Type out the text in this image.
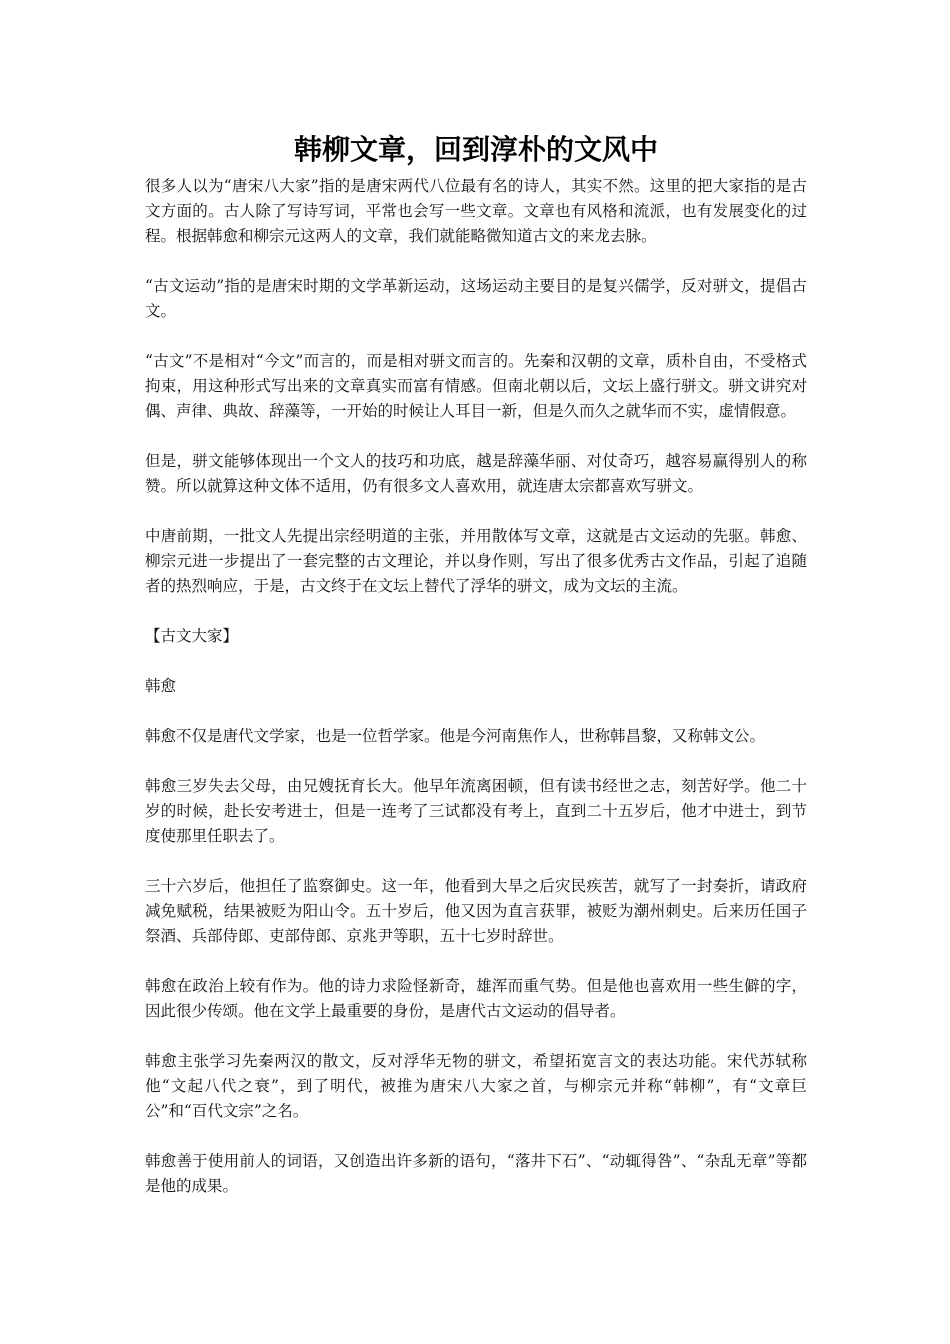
韩柳文章，回到淳朴的文风中

很多人以为“唐宋八大家”指的是唐宋两代八位最有名的诗人，其实不然。这里的把大家指的是古文方面的。古人除了写诗写词，平常也会写一些文章。文章也有风格和流派，也有发展变化的过程。根据韩愈和柳宗元这两人的文章，我们就能略微知道古文的来龙去脉。

“古文运动”指的是唐宋时期的文学革新运动，这场运动主要目的是复兴儒学，反对骈文，提倡古文。

“古文”不是相对“今文”而言的，而是相对骈文而言的。先秦和汉朝的文章，质朴自由，不受格式拘束，用这种形式写出来的文章真实而富有情感。但南北朝以后，文坛上盛行骈文。骈文讲究对偶、声律、典故、辞藻等，一开始的时候让人耳目一新，但是久而久之就华而不实，虚情假意。

但是，骈文能够体现出一个文人的技巧和功底，越是辞藻华丽、对仗奇巧，越容易赢得别人的称赞。所以就算这种文体不适用，仍有很多文人喜欢用，就连唐太宗都喜欢写骈文。

中唐前期，一批文人先提出宗经明道的主张，并用散体写文章，这就是古文运动的先驱。韩愈、柳宗元进一步提出了一套完整的古文理论，并以身作则，写出了很多优秀古文作品，引起了追随者的热烈响应，于是，古文终于在文坛上替代了浮华的骈文，成为文坛的主流。

【古文大家】

韩愈

韩愈不仅是唐代文学家，也是一位哲学家。他是今河南焦作人，世称韩昌黎，又称韩文公。

韩愈三岁失去父母，由兄嫂抚育长大。他早年流离困顿，但有读书经世之志，刻苦好学。他二十岁的时候，赴长安考进士，但是一连考了三试都没有考上，直到二十五岁后，他才中进士，到节度使那里任职去了。

三十六岁后，他担任了监察御史。这一年，他看到大旱之后灾民疾苦，就写了一封奏折，请政府减免赋税，结果被贬为阳山令。五十岁后，他又因为直言获罪，被贬为潮州刺史。后来历任国子祭酒、兵部侍郎、吏部侍郎、京兆尹等职，五十七岁时辞世。

韩愈在政治上较有作为。他的诗力求险怪新奇，雄浑而重气势。但是他也喜欢用一些生僻的字，因此很少传颂。他在文学上最重要的身份，是唐代古文运动的倡导者。

韩愈主张学习先秦两汉的散文，反对浮华无物的骈文，希望拓宽言文的表达功能。宋代苏轼称他“文起八代之衰”，到了明代，被推为唐宋八大家之首，与柳宗元并称“韩柳”，有“文章巨公”和“百代文宗”之名。

韩愈善于使用前人的词语，又创造出许多新的语句，“落井下石”、“动辄得咎”、“杂乱无章”等都是他的成果。
